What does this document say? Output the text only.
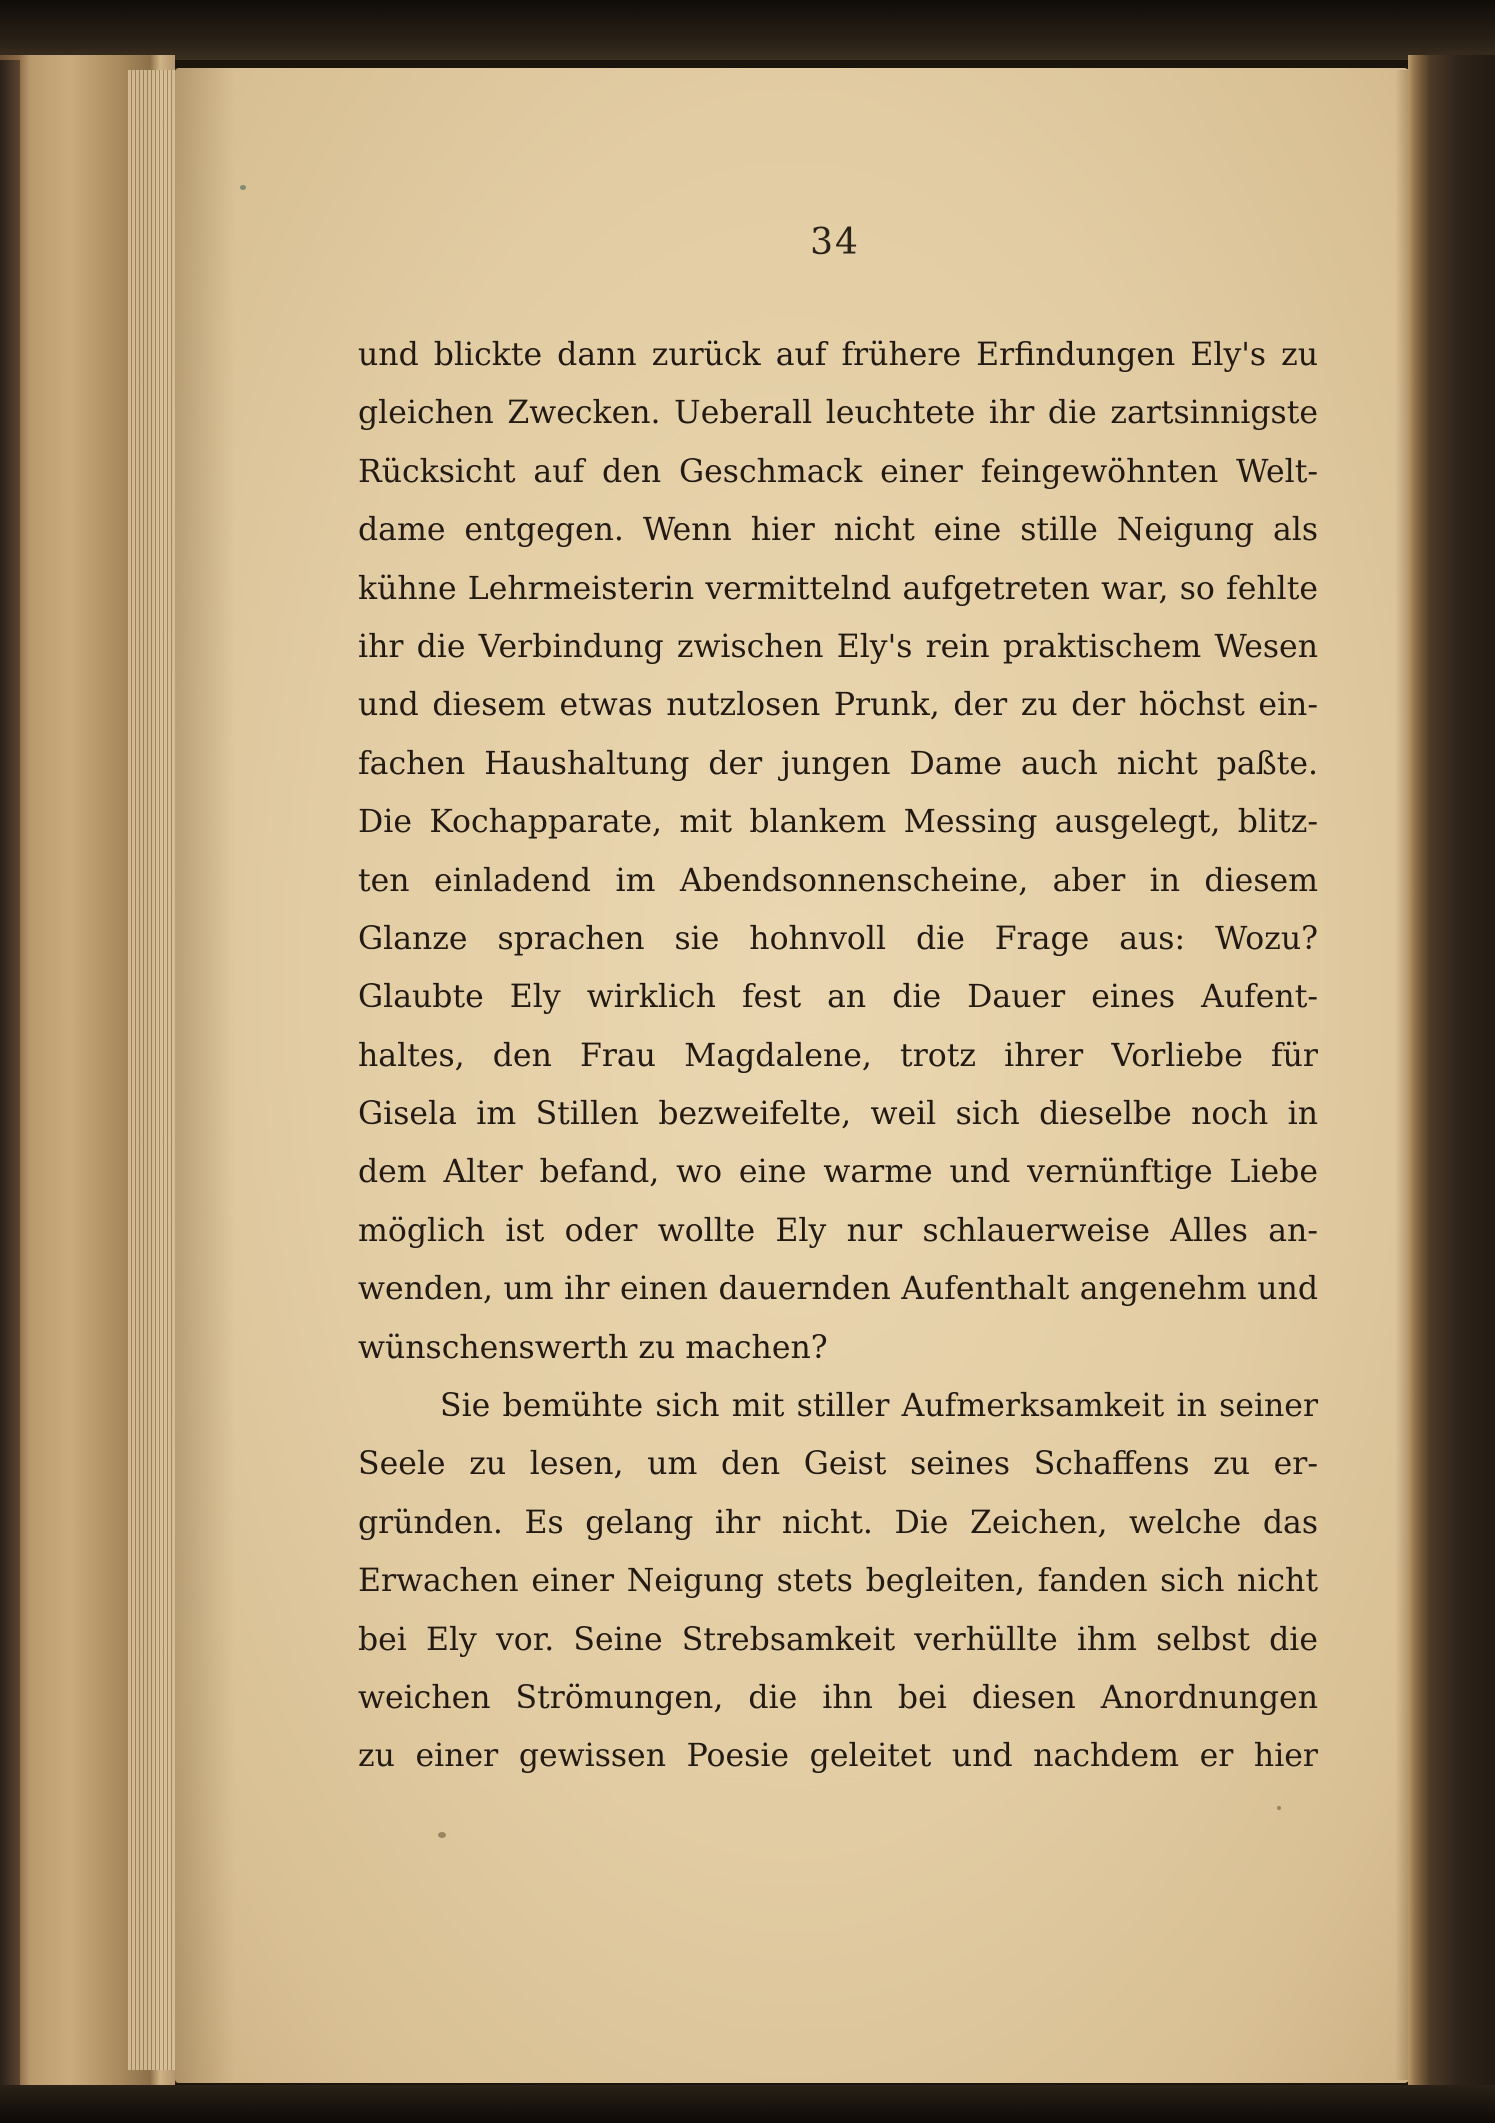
34
und blickte dann zurück auf frühere Erfindungen Ely's zu
gleichen Zwecken. Ueberall leuchtete ihr die zartsinnigste
Rücksicht auf den Geschmack einer feingewöhnten Welt-
dame entgegen. Wenn hier nicht eine stille Neigung als
kühne Lehrmeisterin vermittelnd aufgetreten war, so fehlte
ihr die Verbindung zwischen Ely's rein praktischem Wesen
und diesem etwas nutzlosen Prunk, der zu der höchst ein-
fachen Haushaltung der jungen Dame auch nicht paßte.
Die Kochapparate, mit blankem Messing ausgelegt, blitz-
ten einladend im Abendsonnenscheine, aber in diesem
Glanze sprachen sie hohnvoll die Frage aus: Wozu?
Glaubte Ely wirklich fest an die Dauer eines Aufent-
haltes, den Frau Magdalene, trotz ihrer Vorliebe für
Gisela im Stillen bezweifelte, weil sich dieselbe noch in
dem Alter befand, wo eine warme und vernünftige Liebe
möglich ist oder wollte Ely nur schlauerweise Alles an-
wenden, um ihr einen dauernden Aufenthalt angenehm und
wünschenswerth zu machen?
Sie bemühte sich mit stiller Aufmerksamkeit in seiner
Seele zu lesen, um den Geist seines Schaffens zu er-
gründen. Es gelang ihr nicht. Die Zeichen, welche das
Erwachen einer Neigung stets begleiten, fanden sich nicht
bei Ely vor. Seine Strebsamkeit verhüllte ihm selbst die
weichen Strömungen, die ihn bei diesen Anordnungen
zu einer gewissen Poesie geleitet und nachdem er hier
